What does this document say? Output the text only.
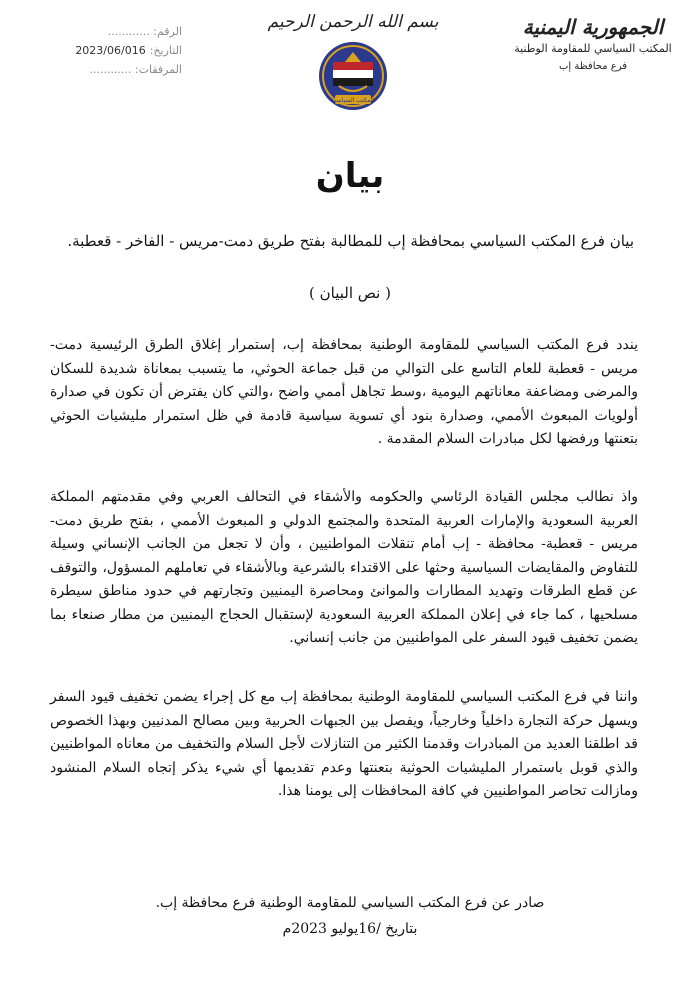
الجمهورية اليمنية
المكتب السياسي للمقاومة الوطنية
فرع محافظة إب
بسم الله الرحمن الرحيم
المكتب السياسي
الرقم
: ............
التاريخ
:
2023/06/016
المرفقات
: ............
بيان
بيان فرع المكتب السياسي بمحافظة إب للمطالبة بفتح طريق دمت-مريس - الفاخر - قعطبة.
( نص البيان )
يندد فرع المكتب السياسي للمقاومة الوطنية بمحافظة إب، إستمرار إغلاق الطرق الرئيسية دمت-مريس - قعطبة للعام التاسع على التوالي من قبل جماعة الحوثي، ما يتسبب بمعاناة شديدة للسكان والمرضى ومضاعفة معاناتهم اليومية ،وسط تجاهل أممي واضح ،والتي كان يفترض أن تكون في صدارة أولويات المبعوث الأممي، وصدارة بنود أي تسوية سياسية قادمة في ظل استمرار مليشيات الحوثي بتعنتها ورفضها لكل مبادرات السلام المقدمة .
واذ نطالب مجلس القيادة الرئاسي والحكومه والأشقاء في التحالف العربي وفي مقدمتهم المملكة العربية السعودية والإمارات العربية المتحدة والمجتمع الدولي و المبعوث الأممي ، بفتح طريق دمت-مريس - قعطبة- محافظة - إب أمام تنقلات المواطنيين ، وأن لا تجعل من الجانب الإنساني وسيلة للتفاوض والمقايضات السياسية وحثها على الاقتداء بالشرعية وبالأشقاء في تعاملهم المسؤول، والتوقف عن قطع الطرقات وتهديد المطارات والموانئ ومحاصرة اليمنيين وتجارتهم في حدود مناطق سيطرة مسلحيها ، كما جاء في إعلان المملكة العربية السعودية لإستقبال الحجاج اليمنيين من مطار صنعاء بما يضمن تخفيف قيود السفر على المواطنيين من جانب إنساني.
واننا في فرع المكتب السياسي للمقاومة الوطنية بمحافظة إب مع كل إجراء يضمن تخفيف قيود السفر ويسهل حركة التجارة داخلياً وخارجياً، ويفصل بين الجبهات الحربية وبين مصالح المدنيين وبهذا الخصوص قد اطلقنا العديد من المبادرات وقدمنا الكثير من التنازلات لأجل السلام والتخفيف من معاناه المواطنيين والذي قوبل باستمرار المليشيات الحوثية بتعنتها وعدم تقديمها أي شيء يذكر إتجاه السلام المنشود ومازالت تحاصر المواطنيين في كافة المحافظات إلى يومنا هذا.
صادر عن فرع المكتب السياسي للمقاومة الوطنية فرع محافظة إب.
بتاريخ /16يوليو 2023م
